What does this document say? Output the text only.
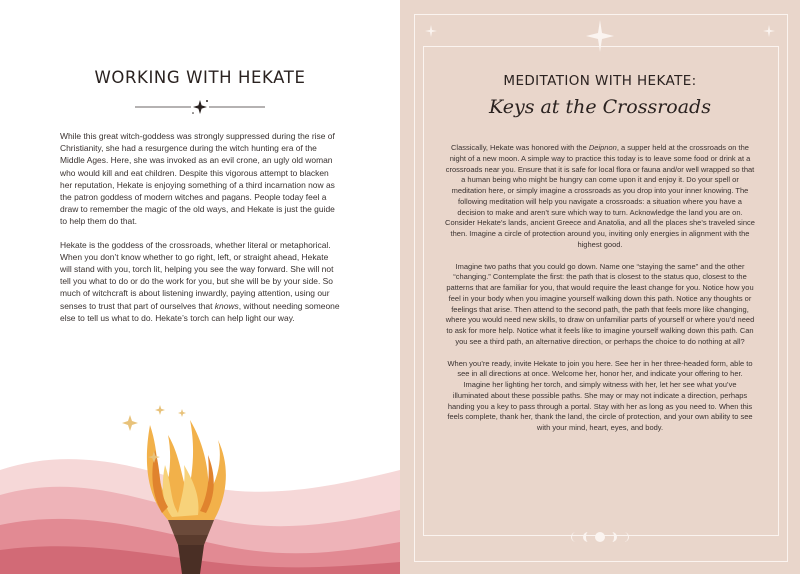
WORKING WITH HEKATE

While this great witch-goddess was strongly suppressed during the rise of Christianity, she had a resurgence during the witch hunting era of the Middle Ages. Here, she was invoked as an evil crone, an ugly old woman who would kill and eat children. Despite this vigorous attempt to blacken her reputation, Hekate is enjoying something of a third incarnation now as the patron goddess of modern witches and pagans. People today feel a draw to remember the magic of the old ways, and Hekate is just the guide to help them do that.

Hekate is the goddess of the crossroads, whether literal or metaphorical. When you don’t know whether to go right, left, or straight ahead, Hekate will stand with you, torch lit, helping you see the way forward. She will not tell you what to do or do the work for you, but she will be by your side. So much of witchcraft is about listening inwardly, paying attention, using our senses to trust that part of ourselves that knows, without needing someone else to tell us what to do. Hekate’s torch can help light our way.

MEDITATION WITH HEKATE:
Keys at the Crossroads

Classically, Hekate was honored with the Deipnon, a supper held at the crossroads on the night of a new moon. A simple way to practice this today is to leave some food or drink at a crossroads near you. Ensure that it is safe for local flora or fauna and/or well wrapped so that a human being who might be hungry can come upon it and enjoy it. Do your spell or meditation here, or simply imagine a crossroads as you drop into your inner knowing. The following meditation will help you navigate a crossroads: a situation where you have a decision to make and aren’t sure which way to turn. Acknowledge the land you are on. Consider Hekate’s lands, ancient Greece and Anatolia, and all the places she’s traveled since then. Imagine a circle of protection around you, inviting only energies in alignment with the highest good.

Imagine two paths that you could go down. Name one “staying the same” and the other “changing.” Contemplate the first: the path that is closest to the status quo, closest to the patterns that are familiar for you, that would require the least change for you. Notice how you feel in your body when you imagine yourself walking down this path. Notice any thoughts or feelings that arise. Then attend to the second path, the path that feels more like changing, where you would need new skills, to draw on unfamiliar parts of yourself or where you’d need to ask for more help. Notice what it feels like to imagine yourself walking down this path. Can you see a third path, an alternative direction, or perhaps the choice to do nothing at all?

When you’re ready, invite Hekate to join you here. See her in her three-headed form, able to see in all directions at once. Welcome her, honor her, and indicate your offering to her. Imagine her lighting her torch, and simply witness with her, let her see what you’ve illuminated about these possible paths. She may or may not indicate a direction, perhaps handing you a key to pass through a portal. Stay with her as long as you need to. When this feels complete, thank her, thank the land, the circle of protection, and your own ability to see with your mind, heart, eyes, and body.
